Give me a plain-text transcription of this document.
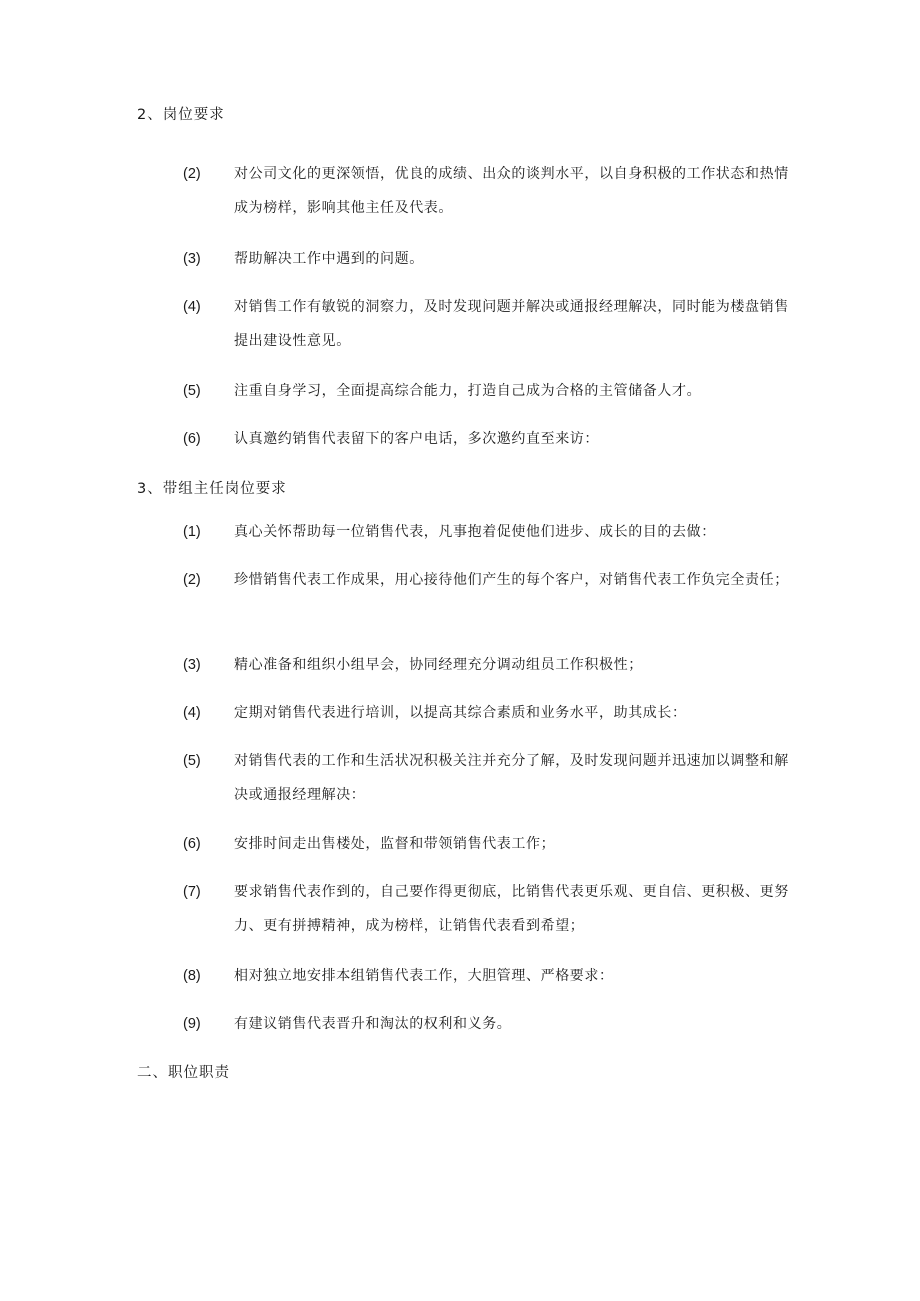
2、岗位要求
(2) 对公司文化的更深领悟，优良的成绩、出众的谈判水平，以自身积极的工作状态和热情成为榜样，影响其他主任及代表。
(3) 帮助解决工作中遇到的问题。
(4) 对销售工作有敏锐的洞察力，及时发现问题并解决或通报经理解决，同时能为楼盘销售提出建设性意见。
(5) 注重自身学习，全面提高综合能力，打造自己成为合格的主管储备人才。
(6) 认真邀约销售代表留下的客户电话，多次邀约直至来访：
3、带组主任岗位要求
(1) 真心关怀帮助每一位销售代表，凡事抱着促使他们进步、成长的目的去做：
(2) 珍惜销售代表工作成果，用心接待他们产生的每个客户，对销售代表工作负完全责任；
(3) 精心准备和组织小组早会，协同经理充分调动组员工作积极性；
(4) 定期对销售代表进行培训，以提高其综合素质和业务水平，助其成长：
(5) 对销售代表的工作和生活状况积极关注并充分了解，及时发现问题并迅速加以调整和解决或通报经理解决：
(6) 安排时间走出售楼处，监督和带领销售代表工作；
(7) 要求销售代表作到的，自己要作得更彻底，比销售代表更乐观、更自信、更积极、更努力、更有拼搏精神，成为榜样，让销售代表看到希望；
(8) 相对独立地安排本组销售代表工作，大胆管理、严格要求：
(9) 有建议销售代表晋升和淘汰的权利和义务。
二、职位职责
